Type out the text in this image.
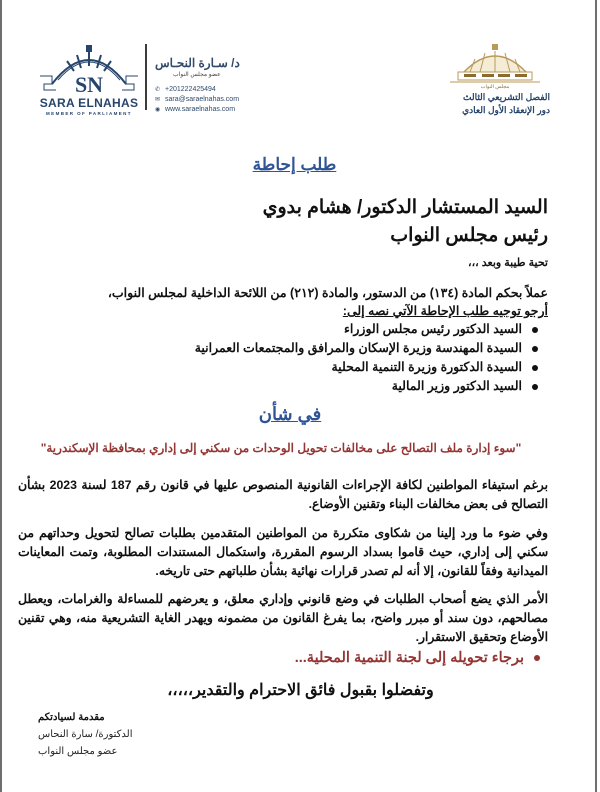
SN
SARA ELNAHAS
MEMBER OF PARLIAMENT
د/ سـارة النحـاس
عضو مجلس النواب
✆ +201222425494
✉ sara@saraelnahas.com
◉ www.saraelnahas.com
مجلس النواب
الفصل التشريعي الثالث
دور الإنعقاد الأول العادي
طلب إحاطة
السيد المستشار الدكتور/ هشام بدوي
رئيس مجلس النواب
تحية طيبة وبعد ،،،
عملاً بحكم المادة (١٣٤) من الدستور، والمادة (٢١٢) من اللائحة الداخلية لمجلس النواب،
أرجو توجيه طلب الإحاطة الآتي نصه إلى:
السيد الدكتور رئيس مجلس الوزراء
السيدة المهندسة وزيرة الإسكان والمرافق والمجتمعات العمرانية
السيدة الدكتورة وزيرة التنمية المحلية
السيد الدكتور وزير المالية
في شأن
"سوء إدارة ملف التصالح على مخالفات تحويل الوحدات من سكني إلى إداري بمحافظة الإسكندرية"
برغم استيفاء المواطنين لكافة الإجراءات القانونية المنصوص عليها في قانون رقم 187 لسنة 2023 بشأن التصالح فى بعض مخالفات البناء وتقنين الأوضاع.
وفي ضوء ما ورد إلينا من شكاوى متكررة من المواطنين المتقدمين بطلبات تصالح لتحويل وحداتهم من سكني إلى إداري، حيث قاموا بسداد الرسوم المقررة، واستكمال المستندات المطلوبة، وتمت المعاينات الميدانية وفقاً للقانون، إلا أنه لم تصدر قرارات نهائية بشأن طلباتهم حتى تاريخه.
الأمر الذي يضع أصحاب الطلبات في وضع قانوني وإداري معلق، و يعرضهم للمساءلة والغرامات، ويعطل مصالحهم، دون سند أو مبرر واضح، بما يفرغ القانون من مضمونه ويهدر الغاية التشريعية منه، وهي تقنين الأوضاع وتحقيق الاستقرار.
برجاء تحويله إلى لجنة التنمية المحلية...
وتفضلوا بقبول فائق الاحترام والتقدير،،،،،
مقدمة لسيادتكم
الدكتورة/ سارة النحاس
عضو مجلس النواب
